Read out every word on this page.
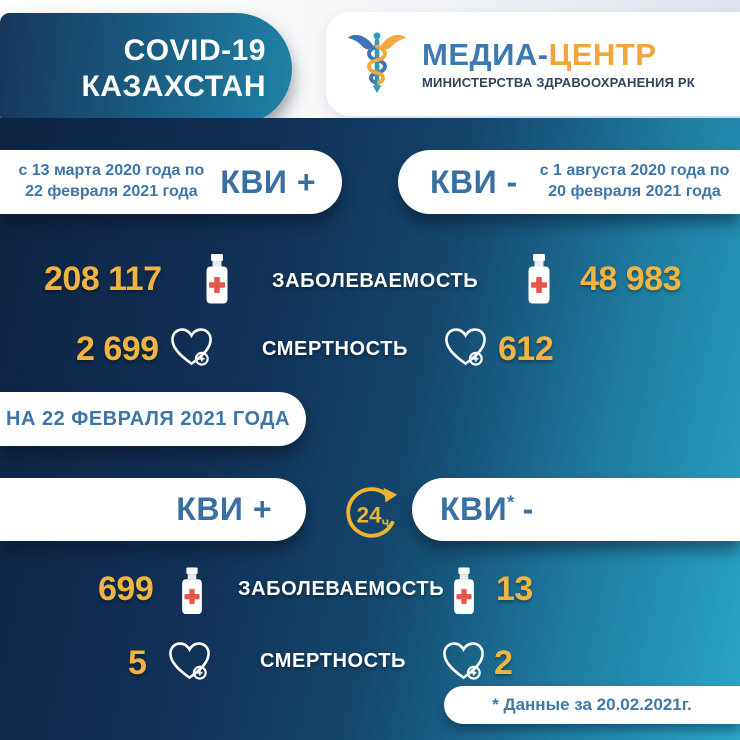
МЕДИА-ЦЕНТР
МИНИСТЕРСТВА ЗДРАВООХРАНЕНИЯ РК
COVID-19
КАЗАХСТАН
с 13 марта 2020 года по
22 февраля 2021 года КВИ +	КВИ - с 1 августа 2020 года по
20 февраля 2021 года
208 117	ЗАБОЛЕВАЕМОСТЬ	48 983
2 699	СМЕРТНОСТЬ	612
НА 22 ФЕВРАЛЯ 2021 ГОДА
КВИ +	24 ч КВИ* -
699	ЗАБОЛЕВАЕМОСТЬ 13
5	СМЕРТНОСТЬ	2
* Данные за 20.02.2021г.
